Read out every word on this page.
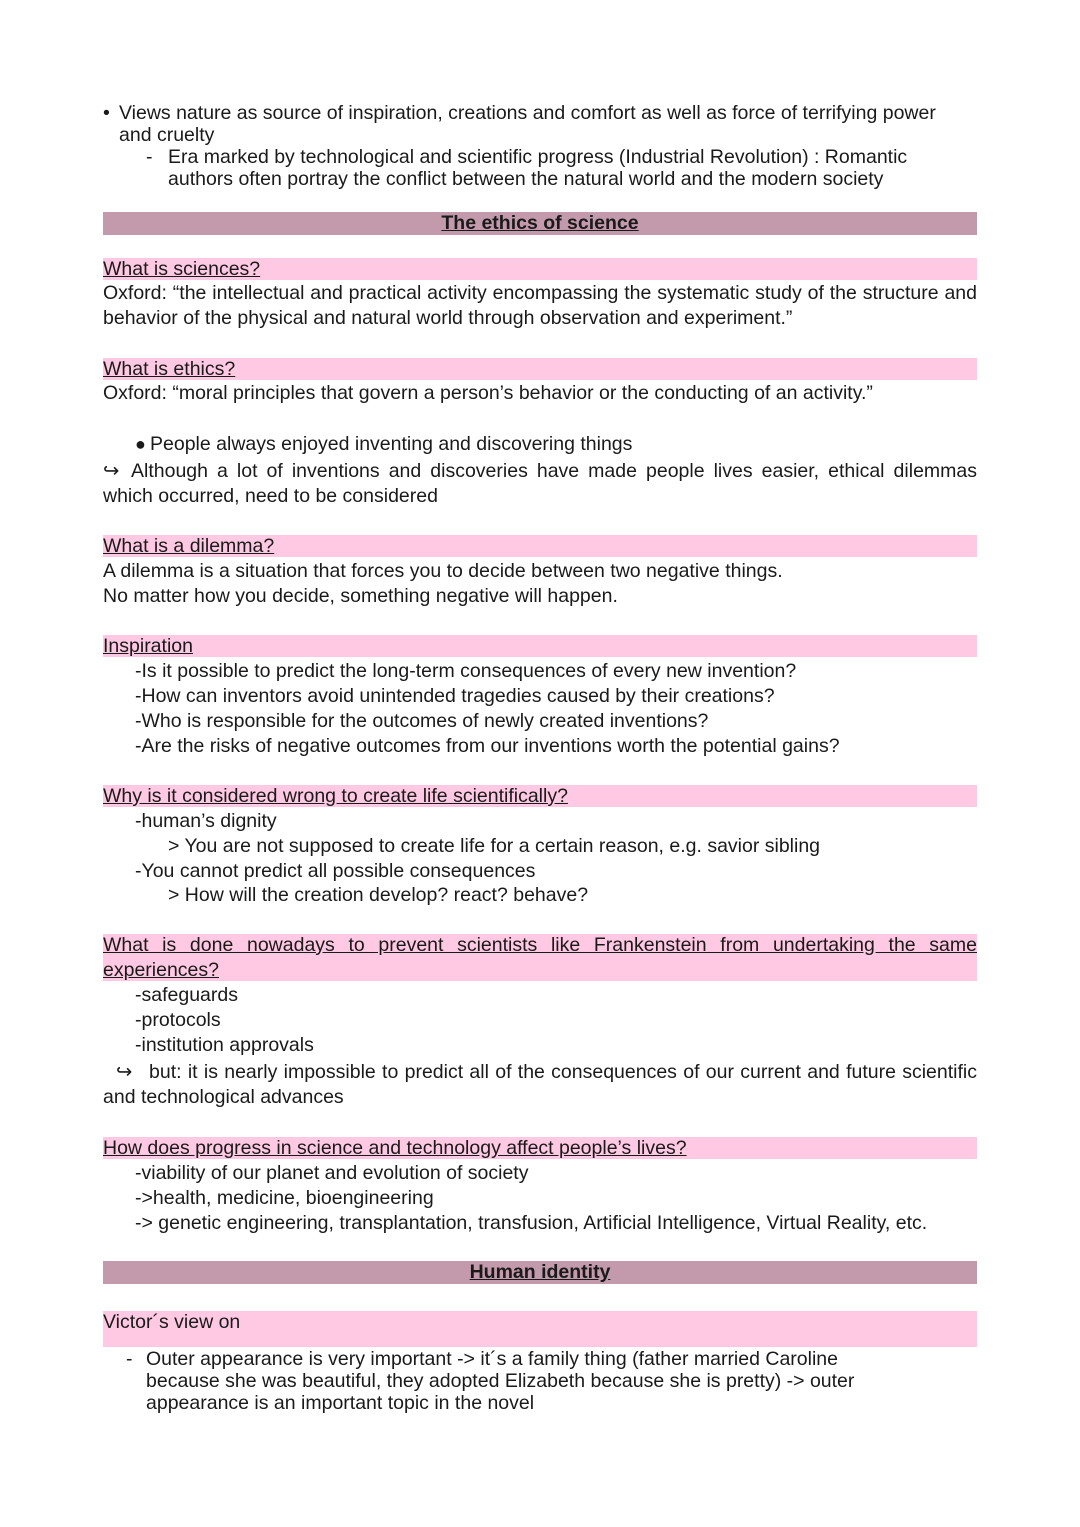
• Views nature as source of inspiration, creations and comfort as well as force of terrifying power
and cruelty
- Era marked by technological and scientific progress (Industrial Revolution) : Romantic
authors often portray the conflict between the natural world and the modern society
The ethics of science
What is sciences?
Oxford: “the intellectual and practical activity encompassing the systematic study of the structure and behavior of the physical and natural world through observation and experiment.”
What is ethics?
Oxford: “moral principles that govern a person’s behavior or the conducting of an activity.”
● People always enjoyed inventing and discovering things
↪ Although a lot of inventions and discoveries have made people lives easier, ethical dilemmas which occurred, need to be considered
What is a dilemma?
A dilemma is a situation that forces you to decide between two negative things.
No matter how you decide, something negative will happen.
Inspiration
-Is it possible to predict the long-term consequences of every new invention?
-How can inventors avoid unintended tragedies caused by their creations?
-Who is responsible for the outcomes of newly created inventions?
-Are the risks of negative outcomes from our inventions worth the potential gains?
Why is it considered wrong to create life scientifically?
-human’s dignity
> You are not supposed to create life for a certain reason, e.g. savior sibling
-You cannot predict all possible consequences
> How will the creation develop? react? behave?
What is done nowadays to prevent scientists like Frankenstein from undertaking the same
experiences?
-safeguards
-protocols
-institution approvals
↪ but: it is nearly impossible to predict all of the consequences of our current and future scientific and technological advances
How does progress in science and technology affect people’s lives?
-viability of our planet and evolution of society
->health, medicine, bioengineering
-> genetic engineering, transplantation, transfusion, Artificial Intelligence, Virtual Reality, etc.
Human identity
Victor´s view on
- Outer appearance is very important -> it´s a family thing (father married Caroline
because she was beautiful, they adopted Elizabeth because she is pretty) -> outer
appearance is an important topic in the novel
